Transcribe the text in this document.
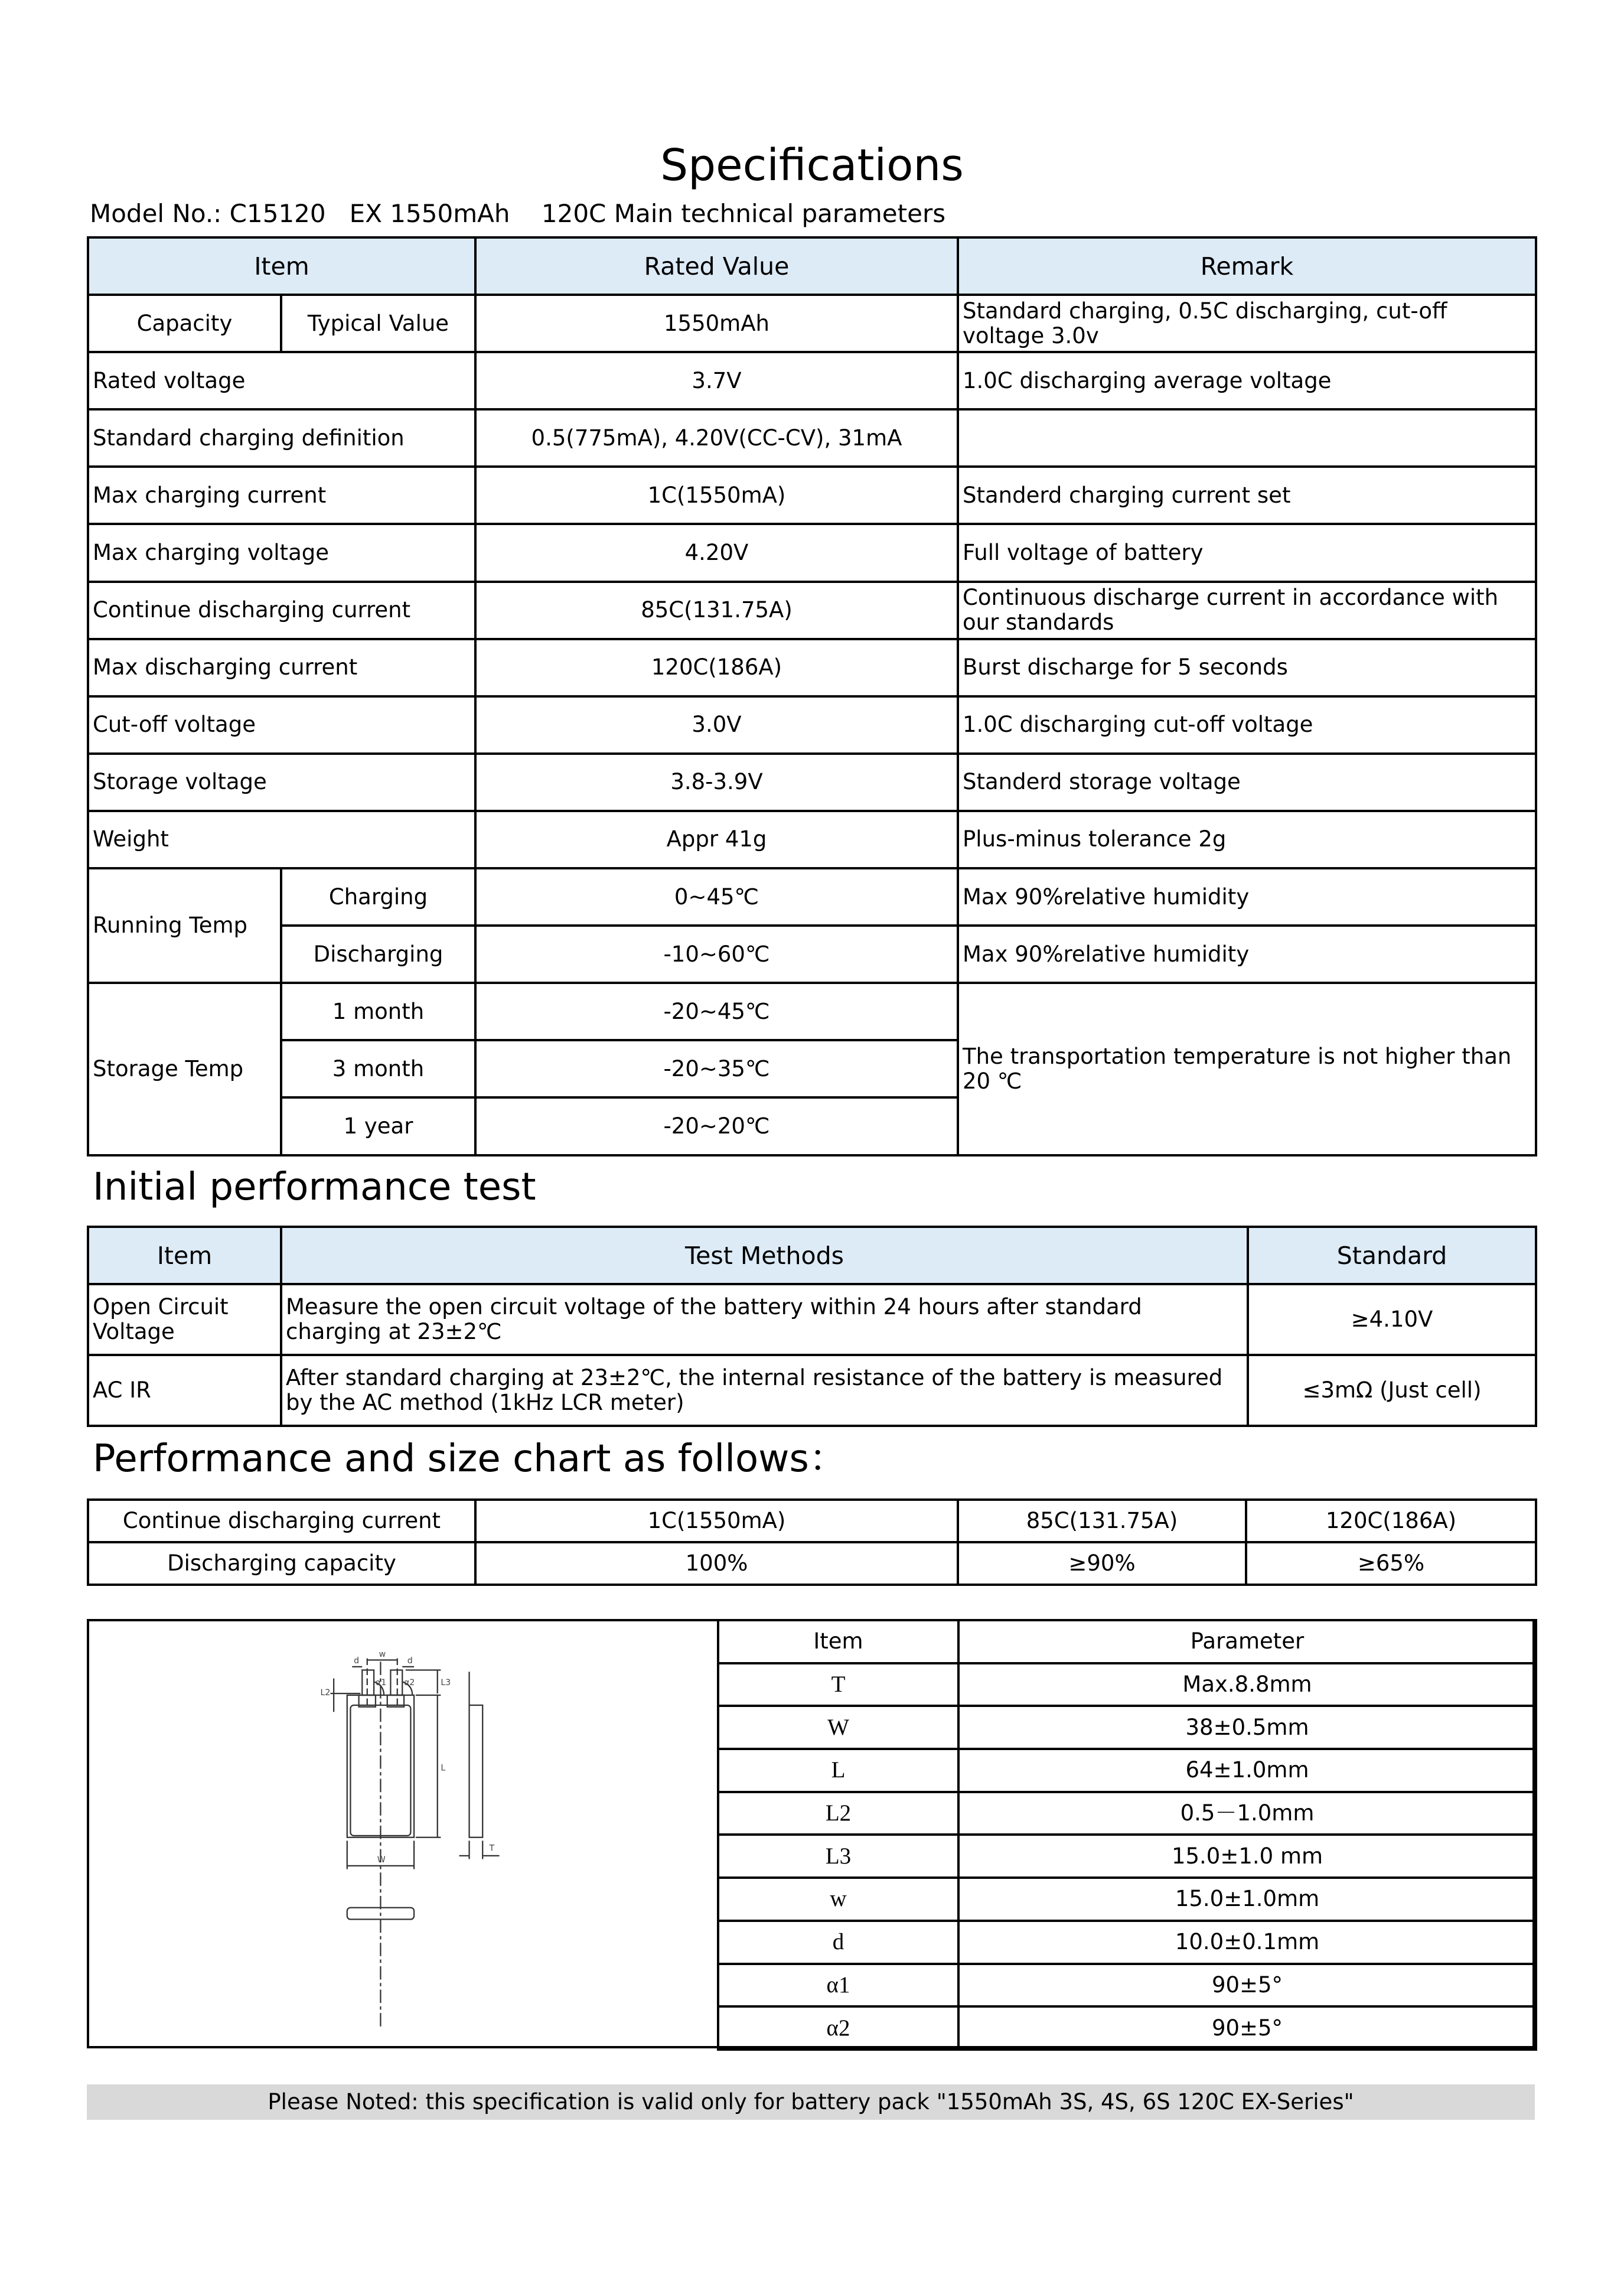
Specifications
Model No.: C15120   EX 1550mAh    120C Main technical parameters
Item		Rated Value	Remark
Capacity	Typical Value	1550mAh	Standard charging, 0.5C discharging, cut-off voltage 3.0v
Rated voltage		3.7V	1.0C discharging average voltage
Standard charging definition		0.5(775mA), 4.20V(CC-CV), 31mA	
Max charging current		1C(1550mA)	Standerd charging current set
Max charging voltage		4.20V	Full voltage of battery
Continue discharging current		85C(131.75A)	Continuous discharge current in accordance with our standards
Max discharging current		120C(186A)	Burst discharge for 5 seconds
Cut-off voltage		3.0V	1.0C discharging cut-off voltage
Storage voltage		3.8-3.9V	Standerd storage voltage
Weight		Appr 41g	Plus-minus tolerance 2g
Running Temp	Charging	0~45℃	Max 90%relative humidity
	Discharging	-10~60℃	Max 90%relative humidity
Storage Temp	1 month	-20~45℃	The transportation temperature is not higher than 20 ℃
	3 month	-20~35℃	
	1 year	-20~20℃	
Initial performance test
Item	Test Methods	Standard
Open Circuit Voltage	Measure the open circuit voltage of the battery within 24 hours after standard charging at 23±2℃	≥4.10V
AC IR	After standard charging at 23±2℃, the internal resistance of the battery is measured by the AC method (1kHz LCR meter)	≤3mΩ (Just cell)
Performance and size chart as follows：
Continue discharging current	1C(1550mA)	85C(131.75A)	120C(186A)
Discharging capacity	100%	≥90%	≥65%
w
d	d
L2
L3
α1	α2
L
W
T
Item	Parameter
T	Max.8.8mm
W	38±0.5mm
L	64±1.0mm
L2	0.5－1.0mm
L3	15.0±1.0 mm
w	15.0±1.0mm
d	10.0±0.1mm
α1	90±5°
α2	90±5°
Please Noted: this specification is valid only for battery pack "1550mAh 3S, 4S, 6S 120C EX-Series"
